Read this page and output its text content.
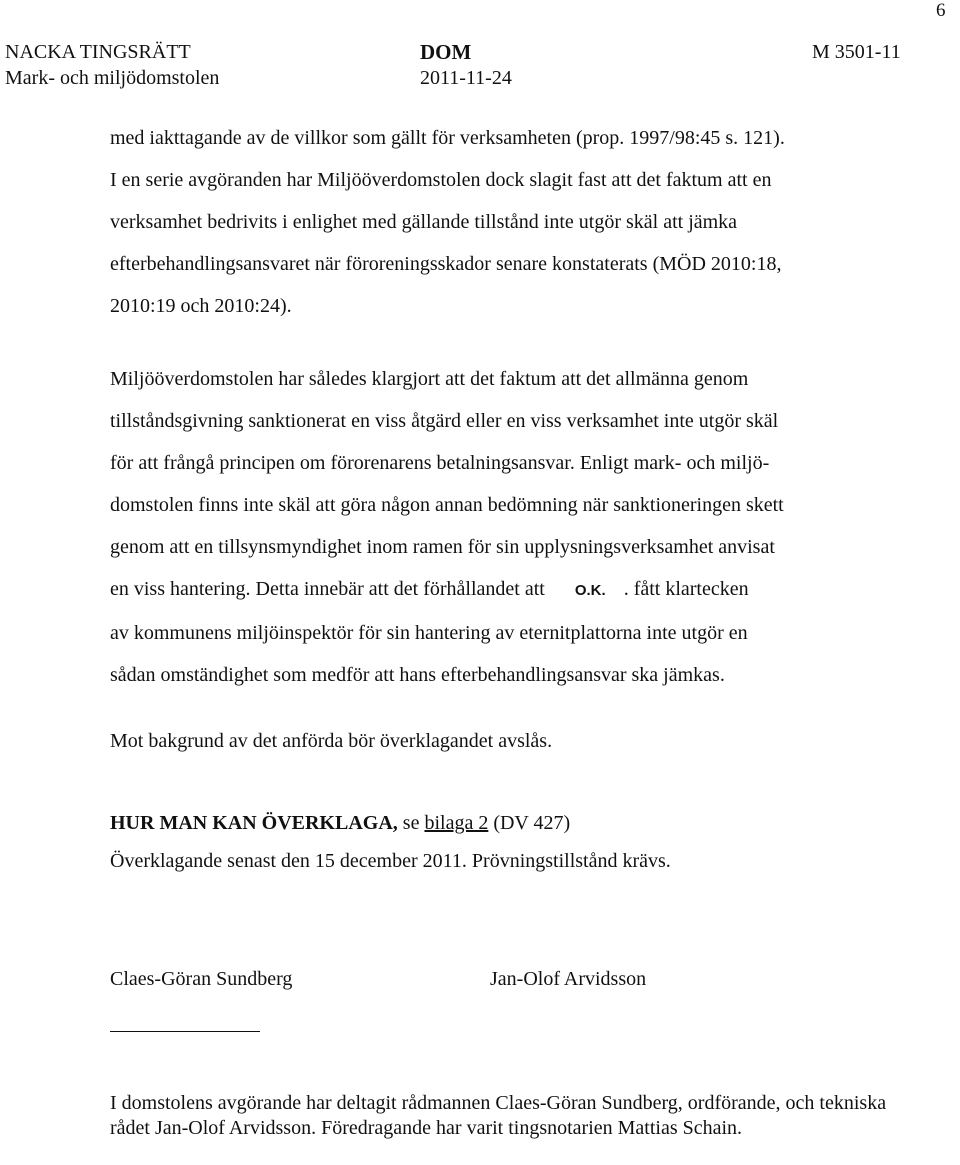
6
NACKA TINGSRÄTT
Mark- och miljödomstolen
DOM
2011-11-24
M 3501-11
med iakttagande av de villkor som gällt för verksamheten (prop. 1997/98:45 s. 121).
I en serie avgöranden har Miljööverdomstolen dock slagit fast att det faktum att en
verksamhet bedrivits i enlighet med gällande tillstånd inte utgör skäl att jämka
efterbehandlingsansvaret när föroreningsskador senare konstaterats (MÖD 2010:18,
2010:19 och 2010:24).
Miljööverdomstolen har således klargjort att det faktum att det allmänna genom
tillståndsgivning sanktionerat en viss åtgärd eller en viss verksamhet inte utgör skäl
för att frångå principen om förorenarens betalningsansvar. Enligt mark- och miljö-
domstolen finns inte skäl att göra någon annan bedömning när sanktioneringen skett
genom att en tillsynsmyndighet inom ramen för sin upplysningsverksamhet anvisat
en viss hantering. Detta innebär att det förhållandet att O.K. . fått klartecken
av kommunens miljöinspektör för sin hantering av eternitplattorna inte utgör en
sådan omständighet som medför att hans efterbehandlingsansvar ska jämkas.
Mot bakgrund av det anförda bör överklagandet avslås.
HUR MAN KAN ÖVERKLAGA, se bilaga 2 (DV 427)
Överklagande senast den 15 december 2011. Prövningstillstånd krävs.
Claes-Göran Sundberg	Jan-Olof Arvidsson
I domstolens avgörande har deltagit rådmannen Claes-Göran Sundberg, ordförande, och tekniska rådet Jan-Olof Arvidsson. Föredragande har varit tingsnotarien Mattias Schain.
